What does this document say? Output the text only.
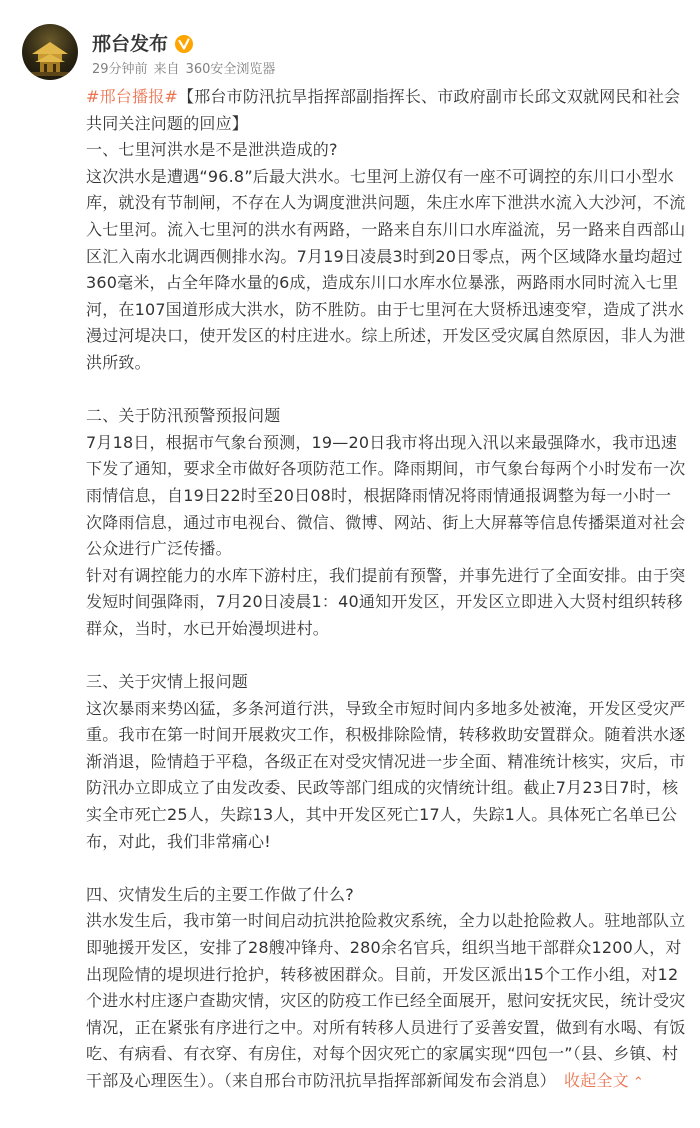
邢台发布
29分钟前 来自 360安全浏览器

#邢台播报#【邢台市防汛抗旱指挥部副指挥长、市政府副市长邱文双就网民和社会共同关注问题的回应】

一、七里河洪水是不是泄洪造成的?

这次洪水是遭遇“96.8”后最大洪水。七里河上游仅有一座不可调控的东川口小型水库，就没有节制闸，不存在人为调度泄洪问题，朱庄水库下泄洪水流入大沙河，不流入七里河。流入七里河的洪水有两路，一路来自东川口水库溢流，另一路来自西部山区汇入南水北调西侧排水沟。7月19日凌晨3时到20日零点，两个区域降水量均超过360毫米，占全年降水量的6成，造成东川口水库水位暴涨，两路雨水同时流入七里河，在107国道形成大洪水，防不胜防。由于七里河在大贤桥迅速变窄，造成了洪水漫过河堤决口，使开发区的村庄进水。综上所述，开发区受灾属自然原因，非人为泄洪所致。

二、关于防汛预警预报问题

7月18日，根据市气象台预测，19—20日我市将出现入汛以来最强降水，我市迅速下发了通知，要求全市做好各项防范工作。降雨期间，市气象台每两个小时发布一次雨情信息，自19日22时至20日08时，根据降雨情况将雨情通报调整为每一小时一次降雨信息，通过市电视台、微信、微博、网站、街上大屏幕等信息传播渠道对社会公众进行广泛传播。

针对有调控能力的水库下游村庄，我们提前有预警，并事先进行了全面安排。由于突发短时间强降雨，7月20日凌晨1：40通知开发区，开发区立即进入大贤村组织转移群众，当时，水已开始漫坝进村。

三、关于灾情上报问题

这次暴雨来势凶猛，多条河道行洪，导致全市短时间内多地多处被淹，开发区受灾严重。我市在第一时间开展救灾工作，积极排除险情，转移救助安置群众。随着洪水逐渐消退，险情趋于平稳，各级正在对受灾情况进一步全面、精准统计核实，灾后，市防汛办立即成立了由发改委、民政等部门组成的灾情统计组。截止7月23日7时，核实全市死亡25人，失踪13人，其中开发区死亡17人，失踪1人。具体死亡名单已公布，对此，我们非常痛心!

四、灾情发生后的主要工作做了什么?

洪水发生后，我市第一时间启动抗洪抢险救灾系统，全力以赴抢险救人。驻地部队立即驰援开发区，安排了28艘冲锋舟、280余名官兵，组织当地干部群众1200人，对出现险情的堤坝进行抢护，转移被困群众。目前，开发区派出15个工作小组，对12个进水村庄逐户查勘灾情，灾区的防疫工作已经全面展开，慰问安抚灾民，统计受灾情况，正在紧张有序进行之中。对所有转移人员进行了妥善安置，做到有水喝、有饭吃、有病看、有衣穿、有房住，对每个因灾死亡的家属实现“四包一”（县、乡镇、村干部及心理医生）。（来自邢台市防汛抗旱指挥部新闻发布会消息） 收起全文 ⌃
